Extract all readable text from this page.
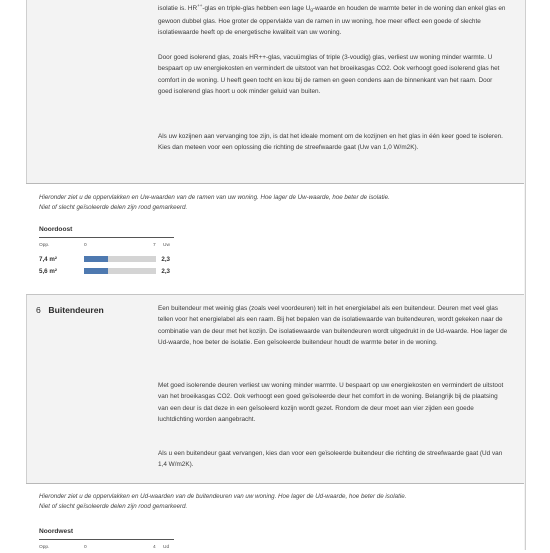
isolatie is. HR++-glas en triple-glas hebben een lage $U_g$-waarde en houden de warmte beter in de woning dan enkel glas en gewoon dubbel glas. Hoe groter de oppervlakte van de ramen in uw woning, hoe meer effect een goede of slechte isolatiewaarde heeft op de energetische kwaliteit van uw woning.

Door goed isolerend glas, zoals HR++-glas, vacuümglas of triple (3-voudig) glas, verliest uw woning minder warmte. U bespaart op uw energiekosten en vermindert de uitstoot van het broeikasgas CO2. Ook verhoogt goed isolerend glas het comfort in de woning. U heeft geen tocht en kou bij de ramen en geen condens aan de binnenkant van het raam. Door goed isolerend glas hoort u ook minder geluid van buiten.

Als uw kozijnen aan vervanging toe zijn, is dat het ideale moment om de kozijnen en het glas in één keer goed te isoleren. Kies dan meteen voor een oplossing die richting de streefwaarde gaat (Uw van 1,0 W/m2K).

Hieronder ziet u de oppervlakken en Uw-waarden van de ramen van uw woning. Hoe lager de Uw-waarde, hoe beter de isolatie.
Niet of slecht geïsoleerde delen zijn rood gemarkeerd.

Noordoost
Opp.	0	7 Uw
7,4 m²	2,3
5,6 m²	2,3
6 Buitendeuren	Een buitendeur met weinig glas (zoals veel voordeuren) telt in het energielabel als een buitendeur. Deuren met veel glas tellen voor het energielabel als een raam. Bij het bepalen van de isolatiewaarde van buitendeuren, wordt gekeken naar de combinatie van de deur met het kozijn. De isolatiewaarde van buitendeuren wordt uitgedrukt in de Ud-waarde. Hoe lager de Ud-waarde, hoe beter de isolatie. Een geïsoleerde buitendeur houdt de warmte beter in de woning.

Met goed isolerende deuren verliest uw woning minder warmte. U bespaart op uw energiekosten en vermindert de uitstoot van het broeikasgas CO2. Ook verhoogt een goed geïsoleerde deur het comfort in de woning. Belangrijk bij de plaatsing van een deur is dat deze in een geïsoleerd kozijn wordt gezet. Rondom de deur moet aan vier zijden een goede luchtdichting worden aangebracht.

Als u een buitendeur gaat vervangen, kies dan voor een geïsoleerde buitendeur die richting de streefwaarde gaat (Ud van 1,4 W/m2K).

Hieronder ziet u de oppervlakken en Ud-waarden van de buitendeuren van uw woning. Hoe lager de Ud-waarde, hoe beter de isolatie.
Niet of slecht geïsoleerde delen zijn rood gemarkeerd.

Noordwest
Opp.	0	4 Ud
